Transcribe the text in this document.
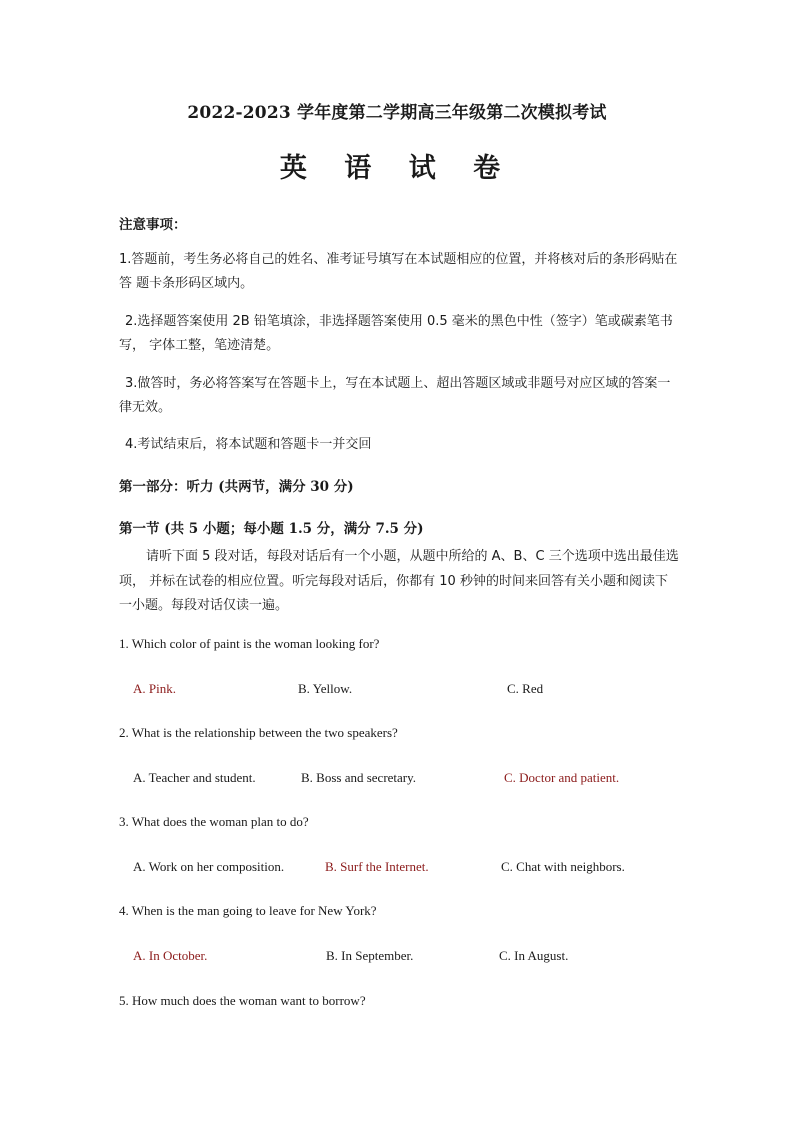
2022-2023 学年度第二学期高三年级第二次模拟考试
英 语 试 卷
注意事项：
1.答题前，考生务必将自己的姓名、准考证号填写在本试题相应的位置，并将核对后的条形码贴在答 题卡条形码区域内。
2.选择题答案使用 2B 铅笔填涂，非选择题答案使用 0.5 毫米的黑色中性（签字）笔或碳素笔书写， 字体工整，笔迹清楚。
3.做答时，务必将答案写在答题卡上，写在本试题上、超出答题区域或非题号对应区域的答案一律无效。
4.考试结束后，将本试题和答题卡一并交回
第一部分：听力 (共两节，满分 30 分)
第一节 (共 5 小题；每小题 1.5 分，满分 7.5 分)
请听下面 5 段对话，每段对话后有一个小题，从题中所给的 A、B、C 三个选项中选出最佳选项， 并标在试卷的相应位置。听完每段对话后，你都有 10 秒钟的时间来回答有关小题和阅读下一小题。每段对话仅读一遍。
1. Which color of paint is the woman looking for?
A. Pink.	B. Yellow.	C. Red
2. What is the relationship between the two speakers?
A. Teacher and student.	B. Boss and secretary.	C. Doctor and patient.
3. What does the woman plan to do?
A. Work on her composition.	B. Surf the Internet.	C. Chat with neighbors.
4. When is the man going to leave for New York?
A. In October.	B. In September.	C. In August.
5. How much does the woman want to borrow?
